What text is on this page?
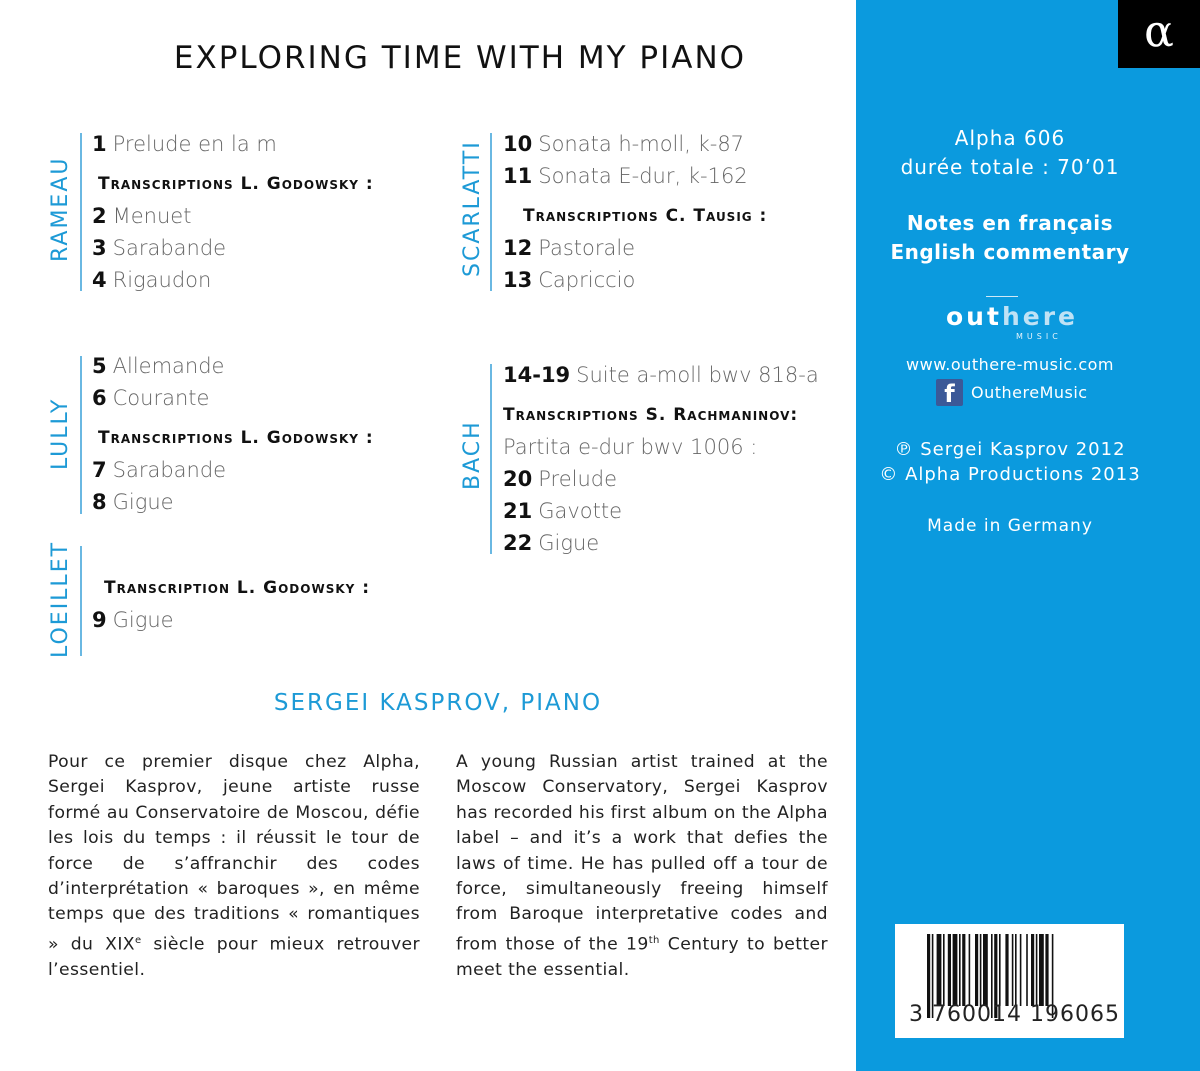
EXPLORING TIME WITH MY PIANO
RAMEAU
1 Prelude en la m
Transcriptions L. Godowsky :
2 Menuet
3 Sarabande
4 Rigaudon
LULLY
5 Allemande
6 Courante
Transcriptions L. Godowsky :
7 Sarabande
8 Gigue
LOEILLET Transcription L. Godowsky :
9 Gigue
SCARLATTI 10 Sonata h-moll, k-87
11 Sonata E-dur, k-162
Transcriptions C. Tausig :
12 Pastorale
13 Capriccio
BACH
14-19 Suite a-moll bwv 818-a
Transcriptions S. Rachmaninov:
Partita e-dur bwv 1006 :
20 Prelude
21 Gavotte
22 Gigue
SERGEI KASPROV, PIANO
Pour ce premier disque chez Alpha, Sergei Kasprov, jeune artiste russe formé au Conservatoire de Moscou, défie les lois du temps : il réussit le tour de force de s’affranchir des codes d’interprétation « baroques », en même temps que des traditions « romantiques » du XIXe siècle pour mieux retrouver l’essentiel.
A young Russian artist trained at the Moscow Conservatory, Sergei Kasprov has recorded his first album on the Alpha label – and it’s a work that defies the laws of time. He has pulled off a tour de force, simultaneously freeing himself from Baroque interpretative codes and from those of the 19th Century to better meet the essential.
α
Alpha 606
durée totale : 70’01
Notes en français
English commentary
outhere
MUSIC
www.outhere-music.com
f	OuthereMusic
℗ Sergei Kasprov 2012
© Alpha Productions 2013
Made in Germany
3 760014 196065
